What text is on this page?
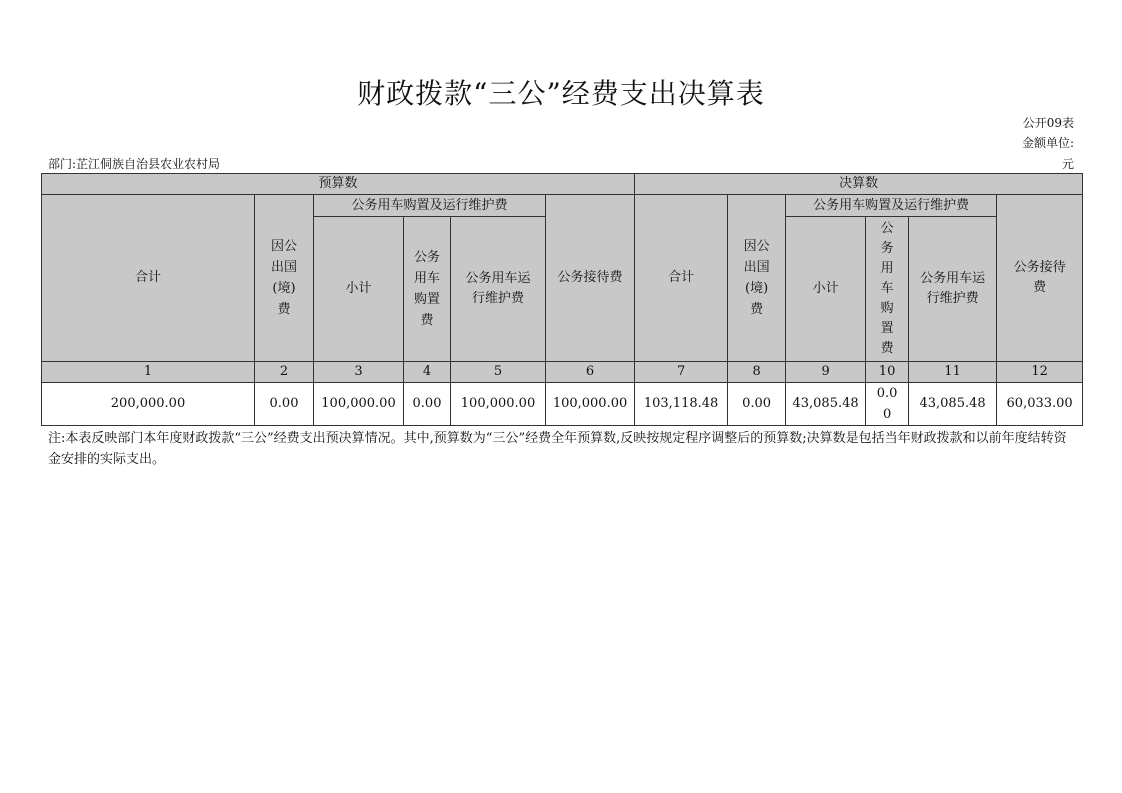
财政拨款“三公”经费支出决算表
公开09表
金额单位:
元
部门:芷江侗族自治县农业农村局
预算数						决算数					
合计	因公出国(境)费	公务用车购置及运行维护费			公务接待费	合计	因公出国(境)费	公务用车购置及运行维护费			公务接待费
		小计	公务用车购置费	公务用车运行维护费				小计	公务用车购置费	公务用车运行维护费	
1	2	3	4	5	6	7	8	9	10	11	12
200,000.00	0.00	100,000.00	0.00	100,000.00	100,000.00	103,118.48	0.00	43,085.48	0.00	43,085.48	60,033.00
注:本表反映部门本年度财政拨款“三公”经费支出预决算情况。其中,预算数为“三公”经费全年预算数,反映按规定程序调整后的预算数;决算数是包括当年财政拨款和以前年度结转资金安排的实际支出。
